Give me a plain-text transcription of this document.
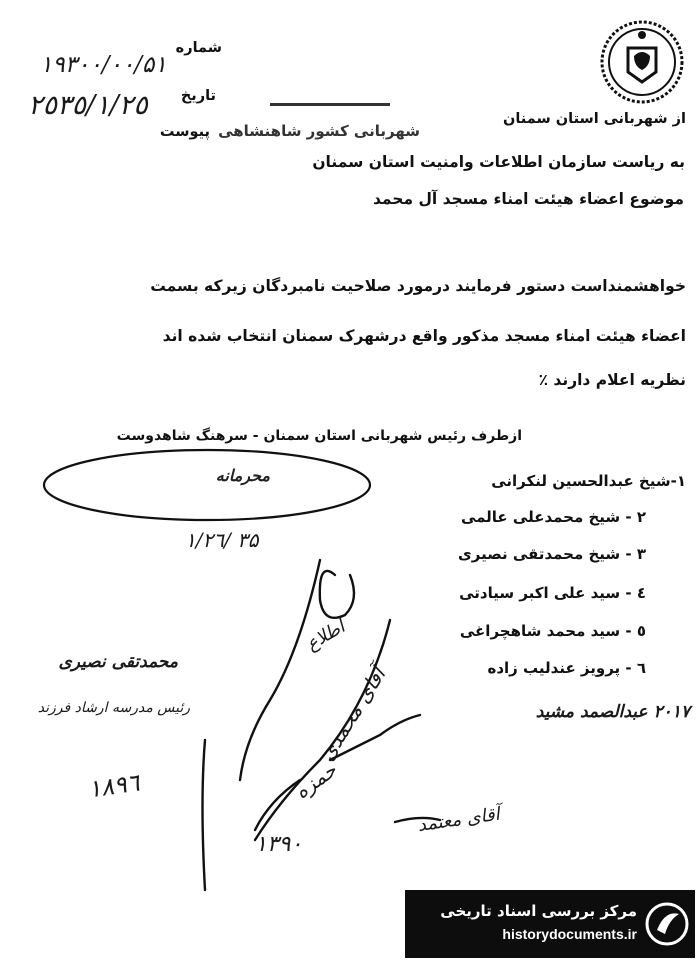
شماره
١٩٣٠٠/٠٠/۵١
تاریخ
٢٥٣٥/١/٢٥
پیوست
از شهربانی استان سمنان
شهربانی کشور شاهنشاهی
به ریاست سازمان اطلاعات وامنیت استان سمنان
موضوع اعضاء هیئت امناء مسجد آل محمد
خواهشمنداست دستور فرمایند درمورد صلاحیت نامبردگان زیرکه بسمت
اعضاء هیئت امناء مسجد مذکور واقع درشهرک سمنان انتخاب شده اند
نظریه اعلام دارند ٪
ازطرف رئیس شهربانی استان سمنان - سرهنگ شاهدوست
محرمانه
١/٢٦/ ۳۵
١-شیخ عبدالحسین لنکرانی
٢ - شیخ محمدعلی عالمی
٣ - شیخ محمدتقی نصیری
٤ - سید علی اکبر سیادتی
٥ - سید محمد شاهچراغی
٦ - پرویز عندلیب زاده
٢٠١٧ عبدالصمد مشید
اطلاع
آقای محمدی
حمزه
۱۳۹۰
آقای معتمد
محمدتقی نصیری
رئیس مدرسه ارشاد فرزند
١٨٩٦
مرکز بررسی اسناد تاریخی
historydocuments.ir
